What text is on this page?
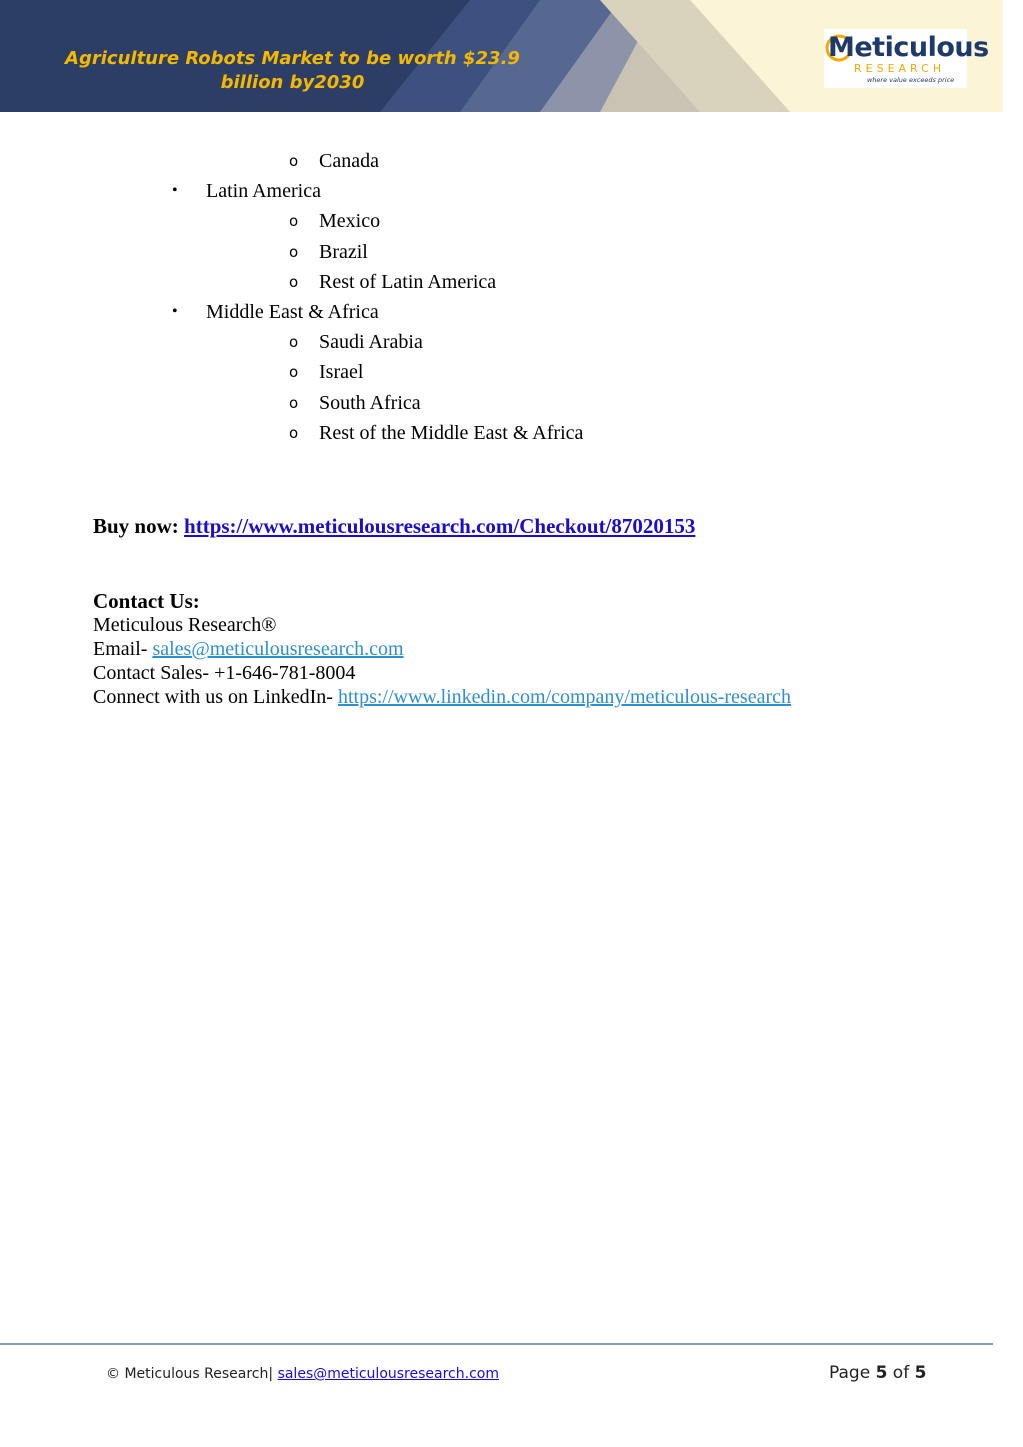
Agriculture Robots Market to be worth $23.9
billion by2030
Meticulous
RESEARCH
where value exceeds price
o Canada
• Latin America
o Mexico
o Brazil
o Rest of Latin America
• Middle East & Africa
o Saudi Arabia
o Israel
o South Africa
o Rest of the Middle East & Africa
Buy now: https://www.meticulousresearch.com/Checkout/87020153
Contact Us:
Meticulous Research®
Email- sales@meticulousresearch.com
Contact Sales- +1-646-781-8004
Connect with us on LinkedIn- https://www.linkedin.com/company/meticulous-research
© Meticulous Research| sales@meticulousresearch.com	Page 5 of 5
